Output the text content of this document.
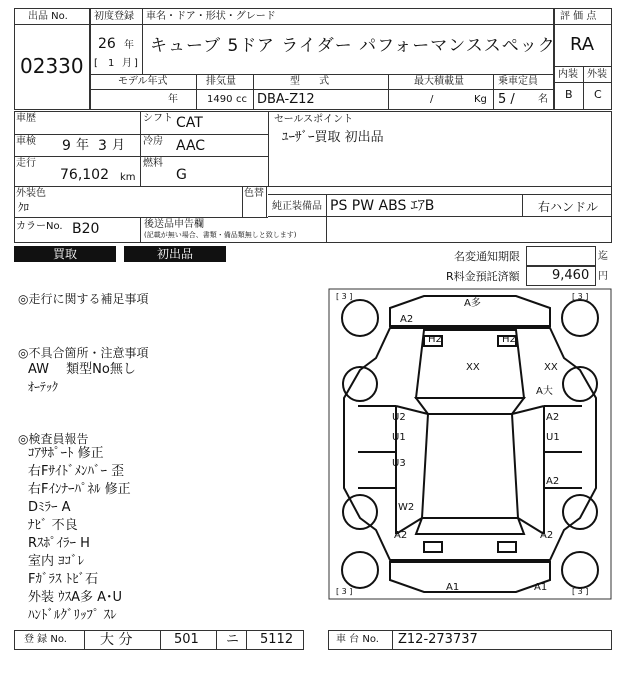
出品 No.
02330
初度登録 車名・ドア・形状・グレード
26 年
[ 1 月 ]
キューブ 5ドア ライダー パフォーマンススペック
モデル年式	排気量	型 式	最大積載量	乗車定員
年	1490 cc DBA-Z12	/	Kg 5 / 名
評 価 点
RA
内装 外装
B C
車歴	シフト CAT	セールスポイント
ﾕｰｻﾞｰ買取 初出品
車検 9 年 3 月 冷房 AAC
走行
76,102 km
燃料
G
外装色
ｸﾛ
色替
純正装備品 PS PW ABS ｴｱB	右ハンドル
カラーNo. B20	後送品申告欄
(記載が無い場合、書類・備品類無しと致します)
買取	初出品	名変通知期限	迄
R料金預託済額 9,460 円
◎走行に関する補足事項
◎不具合箇所・注意事項
AW　 類型No無し
ｵｰﾃｯｸ
◎検査員報告
ｺｱｻﾎﾟｰﾄ 修正
右Fｻｲﾄﾞﾒﾝﾊﾞｰ 歪
右Fｲﾝﾅｰﾊﾟﾈﾙ 修正
Dﾐﾗｰ A
ﾅﾋﾞ 不良
Rｽﾎﾟｲﾗｰ H
室内 ﾖｺﾞﾚ
Fｶﾞﾗｽ ﾄﾋﾞ石
外装 ｳｽA多 A･U
ﾊﾝﾄﾞﾙｸﾞﾘｯﾌﾟ ｽﾚ
[ 3 ]	[ 3 ]
[ 3 ]	[ 3 ]
A多
A2
H2	H2
XX	XX
A大
U2	A2
U1	U1
U3
A2
W2
A2	A2
A1	A1
登 録 No. 大 分	501 ニ 5112	車 台 No. Z12-273737
